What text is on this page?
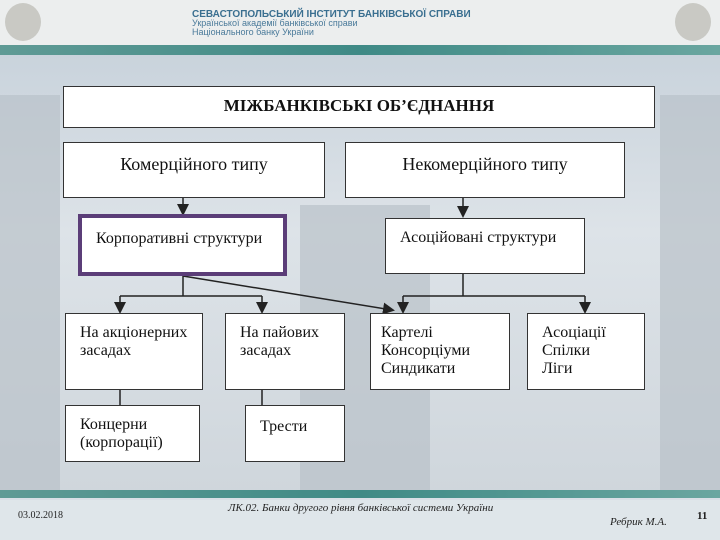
СЕВАСТОПОЛЬСЬКИЙ ІНСТИТУТ БАНКІВСЬКОЇ СПРАВИ
Української академії банківської справи
Національного банку України
МІЖБАНКІВСЬКІ ОБ’ЄДНАННЯ
Комерційного типу	Некомерційного типу
Корпоративні структури	Асоційовані структури
На акціонерних засадах
На пайових засадах
Картелі
Консорціуми
Синдикати
Асоціації
Спілки
Ліги
Концерни (корпорації)
Трести
03.02.2018
ЛК.02. Банки другого рівня банківської системи України
Ребрик М.А.	11
